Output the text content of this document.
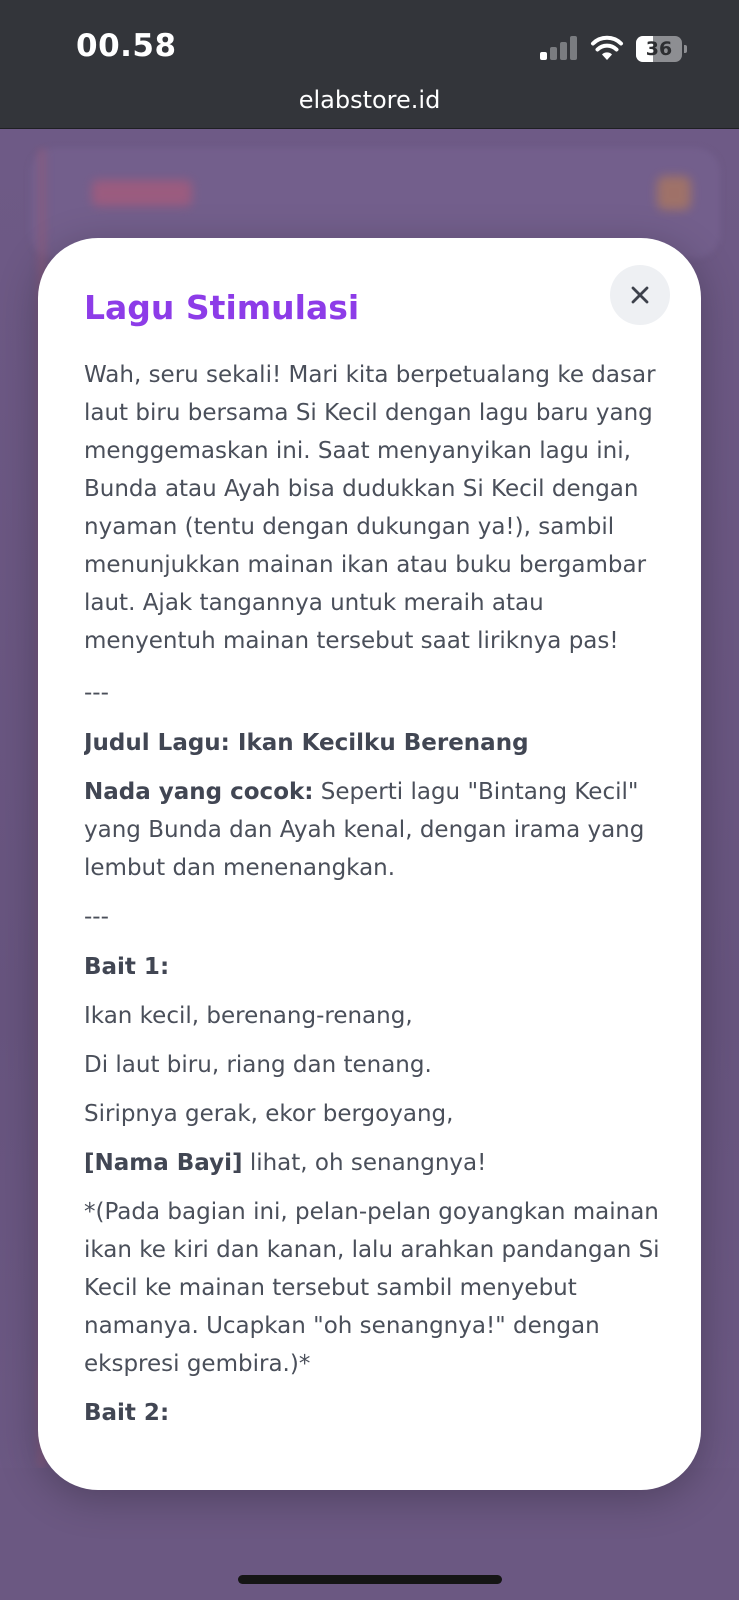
00.58	36
elabstore.id
Lagu Stimulasi

Wah, seru sekali! Mari kita berpetualang ke dasar laut biru bersama Si Kecil dengan lagu baru yang menggemaskan ini. Saat menyanyikan lagu ini, Bunda atau Ayah bisa dudukkan Si Kecil dengan nyaman (tentu dengan dukungan ya!), sambil menunjukkan mainan ikan atau buku bergambar laut. Ajak tangannya untuk meraih atau menyentuh mainan tersebut saat liriknya pas!

---

Judul Lagu: Ikan Kecilku Berenang

Nada yang cocok: Seperti lagu "Bintang Kecil" yang Bunda dan Ayah kenal, dengan irama yang lembut dan menenangkan.

---

Bait 1:

Ikan kecil, berenang-renang,

Di laut biru, riang dan tenang.

Siripnya gerak, ekor bergoyang,

[Nama Bayi] lihat, oh senangnya!

*(Pada bagian ini, pelan-pelan goyangkan mainan ikan ke kiri dan kanan, lalu arahkan pandangan Si Kecil ke mainan tersebut sambil menyebut namanya. Ucapkan "oh senangnya!" dengan ekspresi gembira.)*

Bait 2:
